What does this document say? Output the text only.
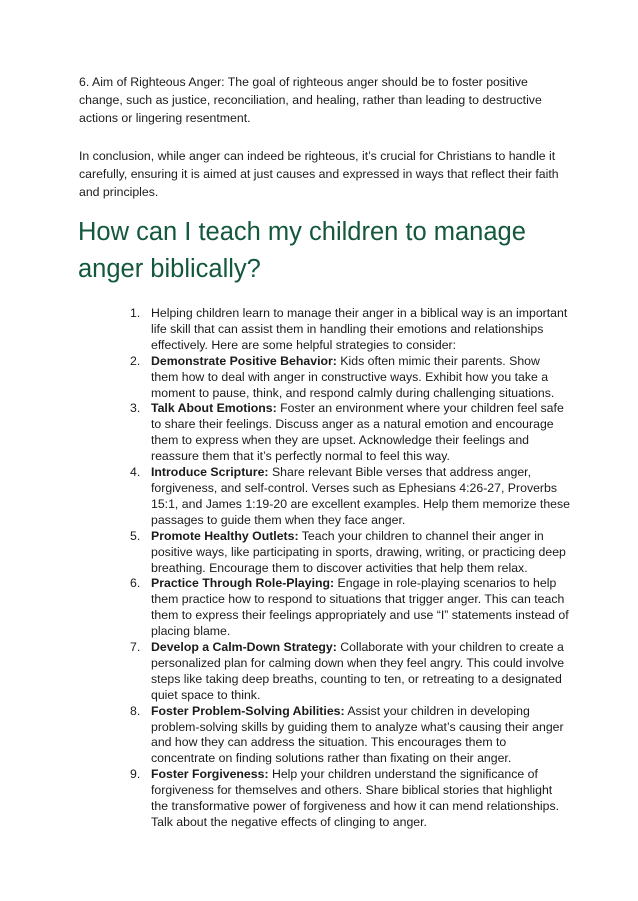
6. Aim of Righteous Anger: The goal of righteous anger should be to foster positive change, such as justice, reconciliation, and healing, rather than leading to destructive actions or lingering resentment.

In conclusion, while anger can indeed be righteous, it’s crucial for Christians to handle it carefully, ensuring it is aimed at just causes and expressed in ways that reflect their faith and principles.

How can I teach my children to manage anger biblically?
1. Helping children learn to manage their anger in a biblical way is an important life skill that can assist them in handling their emotions and relationships effectively. Here are some helpful strategies to consider:
2. Demonstrate Positive Behavior: Kids often mimic their parents. Show them how to deal with anger in constructive ways. Exhibit how you take a moment to pause, think, and respond calmly during challenging situations.
3. Talk About Emotions: Foster an environment where your children feel safe to share their feelings. Discuss anger as a natural emotion and encourage them to express when they are upset. Acknowledge their feelings and reassure them that it’s perfectly normal to feel this way.
4. Introduce Scripture: Share relevant Bible verses that address anger, forgiveness, and self-control. Verses such as Ephesians 4:26-27, Proverbs 15:1, and James 1:19-20 are excellent examples. Help them memorize these passages to guide them when they face anger.
5. Promote Healthy Outlets: Teach your children to channel their anger in positive ways, like participating in sports, drawing, writing, or practicing deep breathing. Encourage them to discover activities that help them relax.
6. Practice Through Role-Playing: Engage in role-playing scenarios to help them practice how to respond to situations that trigger anger. This can teach them to express their feelings appropriately and use “I” statements instead of placing blame.
7. Develop a Calm-Down Strategy: Collaborate with your children to create a personalized plan for calming down when they feel angry. This could involve steps like taking deep breaths, counting to ten, or retreating to a designated quiet space to think.
8. Foster Problem-Solving Abilities: Assist your children in developing problem-solving skills by guiding them to analyze what’s causing their anger and how they can address the situation. This encourages them to concentrate on finding solutions rather than fixating on their anger.
9. Foster Forgiveness: Help your children understand the significance of forgiveness for themselves and others. Share biblical stories that highlight the transformative power of forgiveness and how it can mend relationships. Talk about the negative effects of clinging to anger.
